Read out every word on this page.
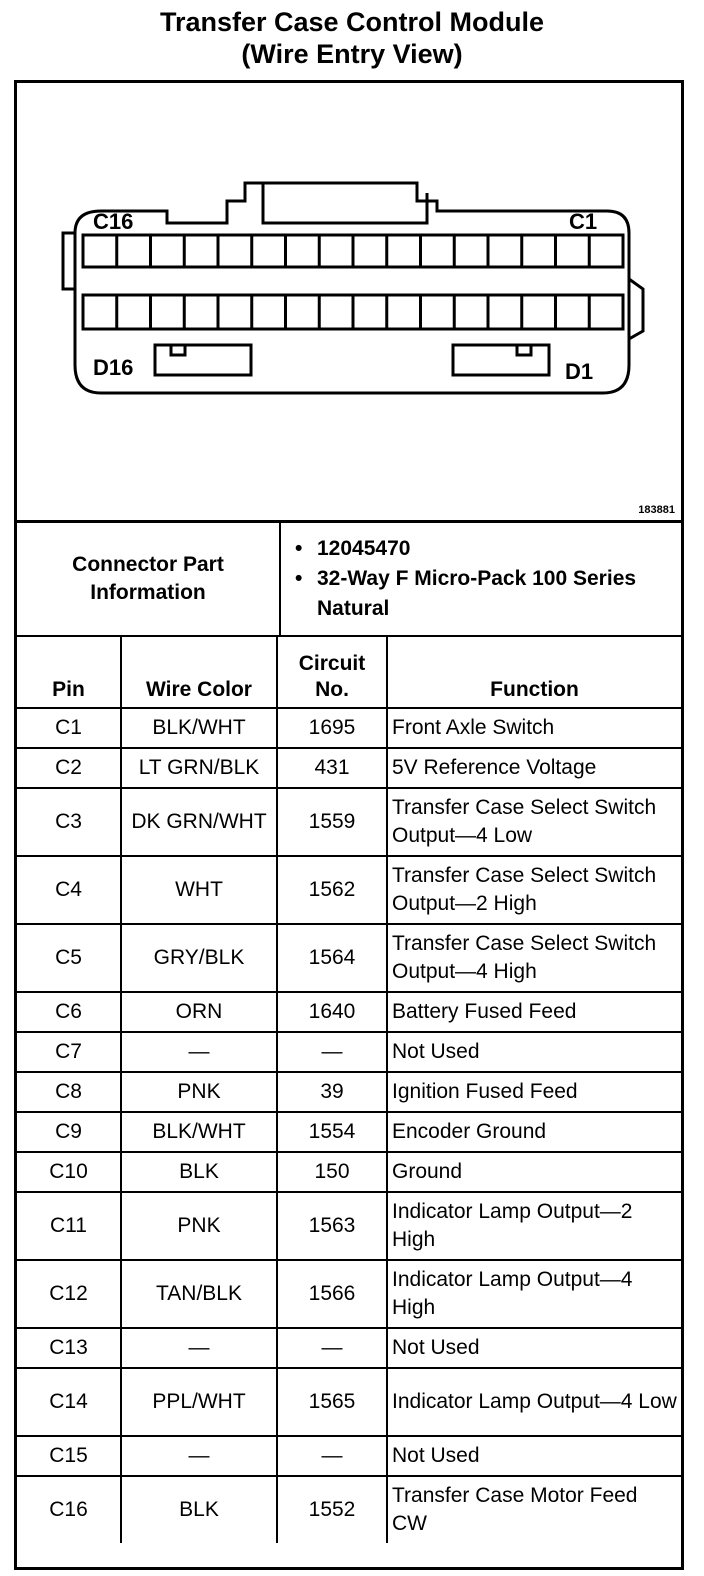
Transfer Case Control Module
(Wire Entry View)
C16	C1
D16	D1
183881
Connector Part Information	
• 12045470
• 32-Way F Micro-Pack 100 Series Natural
Pin	Wire Color	Circuit No.	Function
C1	BLK/WHT	1695	Front Axle Switch
C2	LT GRN/BLK	431	5V Reference Voltage
C3	DK GRN/WHT	1559	Transfer Case Select Switch Output—4 Low
C4	WHT	1562	Transfer Case Select Switch Output—2 High
C5	GRY/BLK	1564	Transfer Case Select Switch Output—4 High
C6	ORN	1640	Battery Fused Feed
C7	—	—	Not Used
C8	PNK	39	Ignition Fused Feed
C9	BLK/WHT	1554	Encoder Ground
C10	BLK	150	Ground
C11	PNK	1563	Indicator Lamp Output—2 High
C12	TAN/BLK	1566	Indicator Lamp Output—4 High
C13	—	—	Not Used
C14	PPL/WHT	1565	Indicator Lamp Output—4 Low
C15	—	—	Not Used
C16	BLK	1552	Transfer Case Motor Feed CW
